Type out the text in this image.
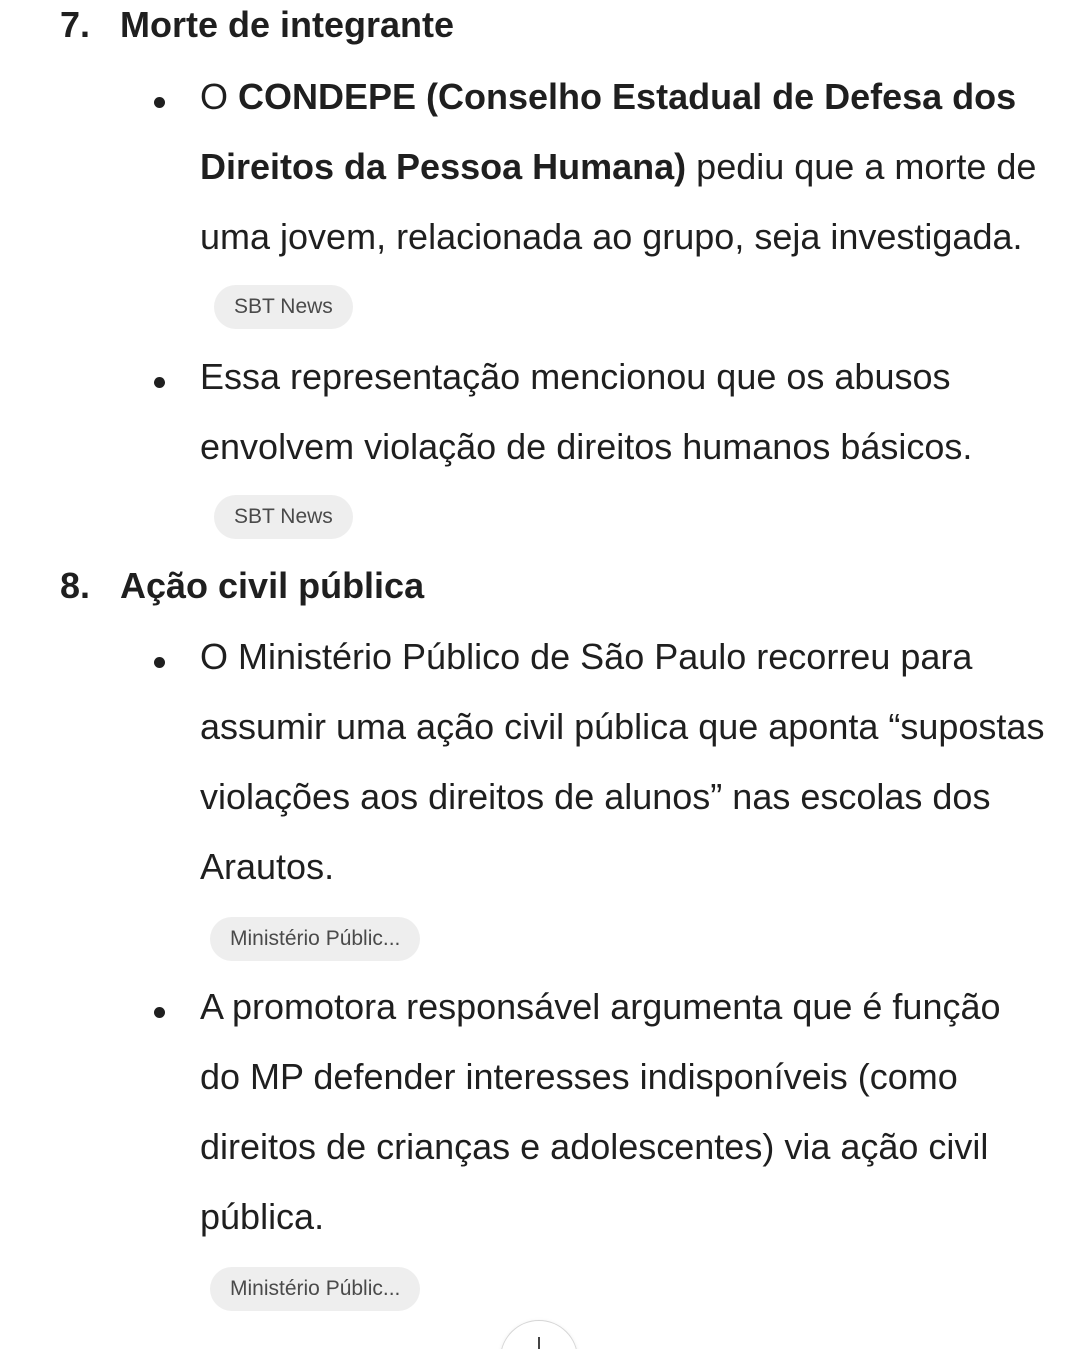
7. Morte de integrante

O CONDEPE (Conselho Estadual de Defesa dos Direitos da Pessoa Humana) pediu que a morte de uma jovem, relacionada ao grupo, seja investigada.SBT News

Essa representação mencionou que os abusos envolvem violação de direitos humanos básicos.SBT News

8. Ação civil pública

O Ministério Público de São Paulo recorreu para assumir uma ação civil pública que aponta “supostas violações aos direitos de alunos” nas escolas dos Arautos.

Ministério Públic...

A promotora responsável argumenta que é função do MP defender interesses indisponíveis (como direitos de crianças e adolescentes) via ação civil pública.

Ministério Públic...
